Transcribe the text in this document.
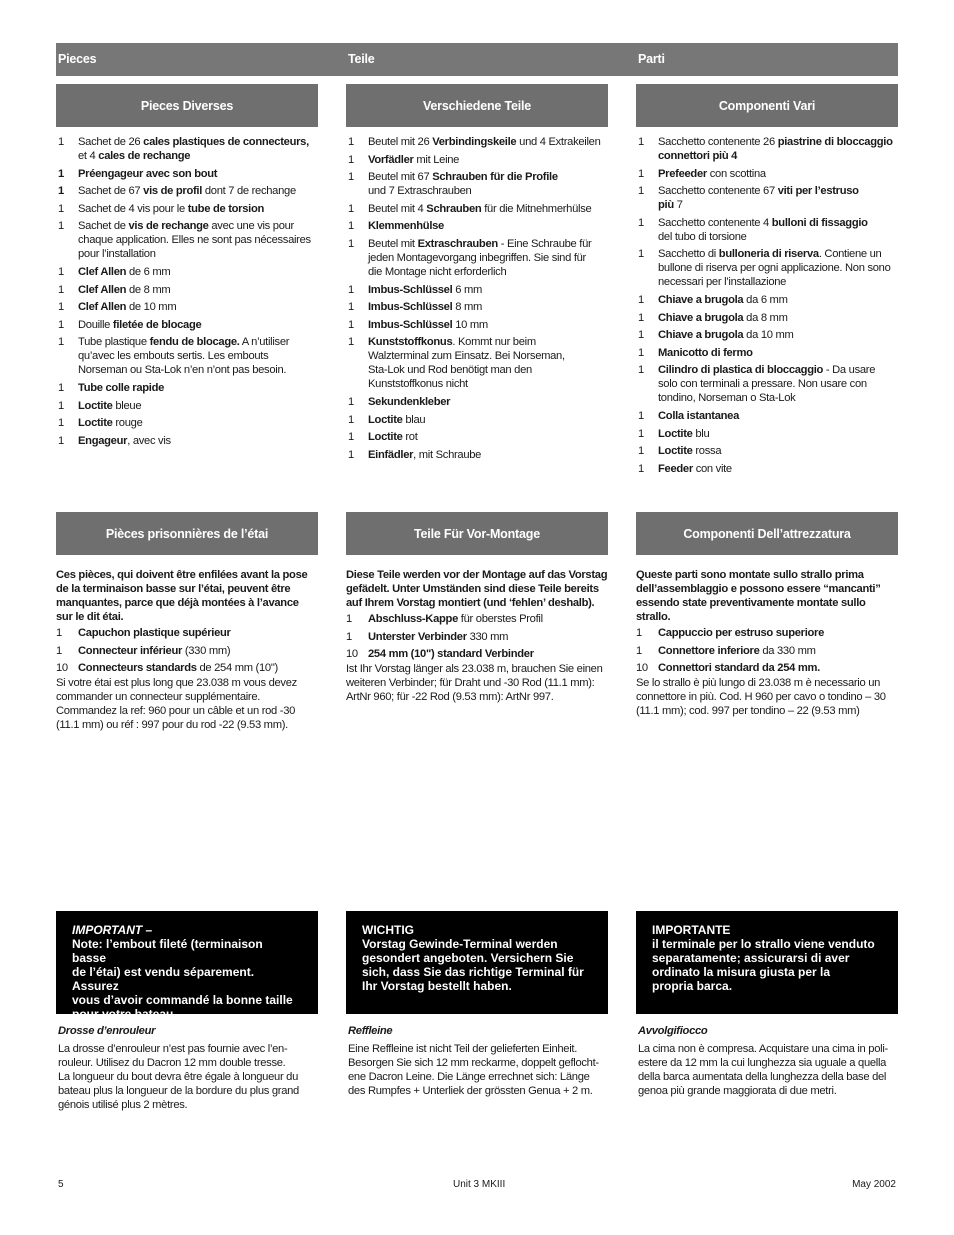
Pieces	Teile	Parti
Pieces Diverses
1 Sachet de 26 cales plastiques de connecteurs,
et 4 cales de rechange
1 Préengageur avec son bout
1 Sachet de 67 vis de profil dont 7 de rechange
1 Sachet de 4 vis pour le tube de torsion
1 Sachet de vis de rechange avec une vis pour
chaque application. Elles ne sont pas nécessaires
pour l’installation
1 Clef Allen de 6 mm
1 Clef Allen de 8 mm
1 Clef Allen de 10 mm
1 Douille filetée de blocage
1 Tube plastique fendu de blocage. A n’utiliser
qu’avec les embouts sertis. Les embouts
Norseman ou Sta-Lok n’en n’ont pas besoin.
1 Tube colle rapide
1 Loctite bleue
1 Loctite rouge
1 Engageur, avec vis
Verschiedene Teile
1 Beutel mit 26 Verbindingskeile und 4 Extrakeilen
1 Vorfädler mit Leine
1 Beutel mit 67 Schrauben für die Profile
und 7 Extraschrauben
1 Beutel mit 4 Schrauben für die Mitnehmerhülse
1 Klemmenhülse
1 Beutel mit Extraschrauben - Eine Schraube für
jeden Montagevorgang inbegriffen. Sie sind für
die Montage nicht erforderlich
1 Imbus-Schlüssel 6 mm
1 Imbus-Schlüssel 8 mm
1 Imbus-Schlüssel 10 mm
1 Kunststoffkonus. Kommt nur beim
Walzterminal zum Einsatz. Bei Norseman,
Sta-Lok und Rod benötigt man den
Kunststoffkonus nicht
1 Sekundenkleber
1 Loctite blau
1 Loctite rot
1 Einfädler, mit Schraube
Componenti Vari
1 Sacchetto contenente 26 piastrine di bloccaggio
connettori più 4
1 Prefeeder con scottina
1 Sacchetto contenente 67 viti per l’estruso
più 7
1 Sacchetto contenente 4 bulloni di fissaggio
del tubo di torsione
1 Sacchetto di bulloneria di riserva. Contiene un
bullone di riserva per ogni applicazione. Non sono
necessari per l’installazione
1 Chiave a brugola da 6 mm
1 Chiave a brugola da 8 mm
1 Chiave a brugola da 10 mm
1 Manicotto di fermo
1 Cilindro di plastica di bloccaggio - Da usare
solo con terminali a pressare. Non usare con
tondino, Norseman o Sta-Lok
1 Colla istantanea
1 Loctite blu
1 Loctite rossa
1 Feeder con vite
Pièces prisonnières de l’étai
Ces pièces, qui doivent être enfilées avant la pose
de la terminaison basse sur l’étai, peuvent être
manquantes, parce que déjà montées à l’avance
sur le dit étai.
1 Capuchon plastique supérieur
1 Connecteur inférieur (330 mm)
10 Connecteurs standards de 254 mm (10")
Si votre étai est plus long que 23.038 m vous devez
commander un connecteur supplémentaire.
Commandez la ref: 960 pour un câble et un rod -30
(11.1 mm) ou réf : 997 pour du rod -22 (9.53 mm).
Teile Für Vor-Montage
Diese Teile werden vor der Montage auf das Vorstag
gefädelt. Unter Umständen sind diese Teile bereits
auf Ihrem Vorstag montiert (und ‘fehlen’ deshalb).
1 Abschluss-Kappe für oberstes Profil
1 Unterster Verbinder 330 mm
10 254 mm (10") standard Verbinder
Ist Ihr Vorstag länger als 23.038 m, brauchen Sie einen
weiteren Verbinder; für Draht und -30 Rod (11.1 mm):
ArtNr 960; für -22 Rod (9.53 mm): ArtNr 997.
Componenti Dell’attrezzatura
Queste parti sono montate sullo strallo prima
dell’assemblaggio e possono essere “mancanti”
essendo state preventivamente montate sullo strallo.
1 Cappuccio per estruso superiore
1 Connettore inferiore da 330 mm
10 Connettori standard da 254 mm.
Se lo strallo è più lungo di 23.038 m è necessario un
connettore in più. Cod. H 960 per cavo o tondino – 30
(11.1 mm); cod. 997 per tondino – 22 (9.53 mm)
IMPORTANT –
Note: l’embout fileté (terminaison basse
de l’étai) est vendu séparement. Assurez
vous d’avoir commandé la bonne taille
pour votre bateau.
WICHTIG
Vorstag Gewinde-Terminal werden
gesondert angeboten. Versichern Sie
sich, dass Sie das richtige Terminal für
Ihr Vorstag bestellt haben.
IMPORTANTE
il terminale per lo strallo viene venduto
separatamente; assicurarsi di aver
ordinato la misura giusta per la
propria barca.
Drosse d’enrouleur
La drosse d’enrouleur n’est pas fournie avec l’en-
rouleur. Utilisez du Dacron 12 mm double tresse.
La longueur du bout devra être égale à longueur du
bateau plus la longueur de la bordure du plus grand
génois utilisé plus 2 mètres.
Reffleine
Eine Reffleine ist nicht Teil der gelieferten Einheit.
Besorgen Sie sich 12 mm reckarme, doppelt geflocht-
ene Dacron Leine. Die Länge errechnet sich: Länge
des Rumpfes + Unterliek der grössten Genua + 2 m.
Avvolgifiocco
La cima non è compresa. Acquistare una cima in poli-
estere da 12 mm la cui lunghezza sia uguale a quella
della barca aumentata della lunghezza della base del
genoa più grande maggiorata di due metri.
5	Unit 3 MKIII	May 2002
